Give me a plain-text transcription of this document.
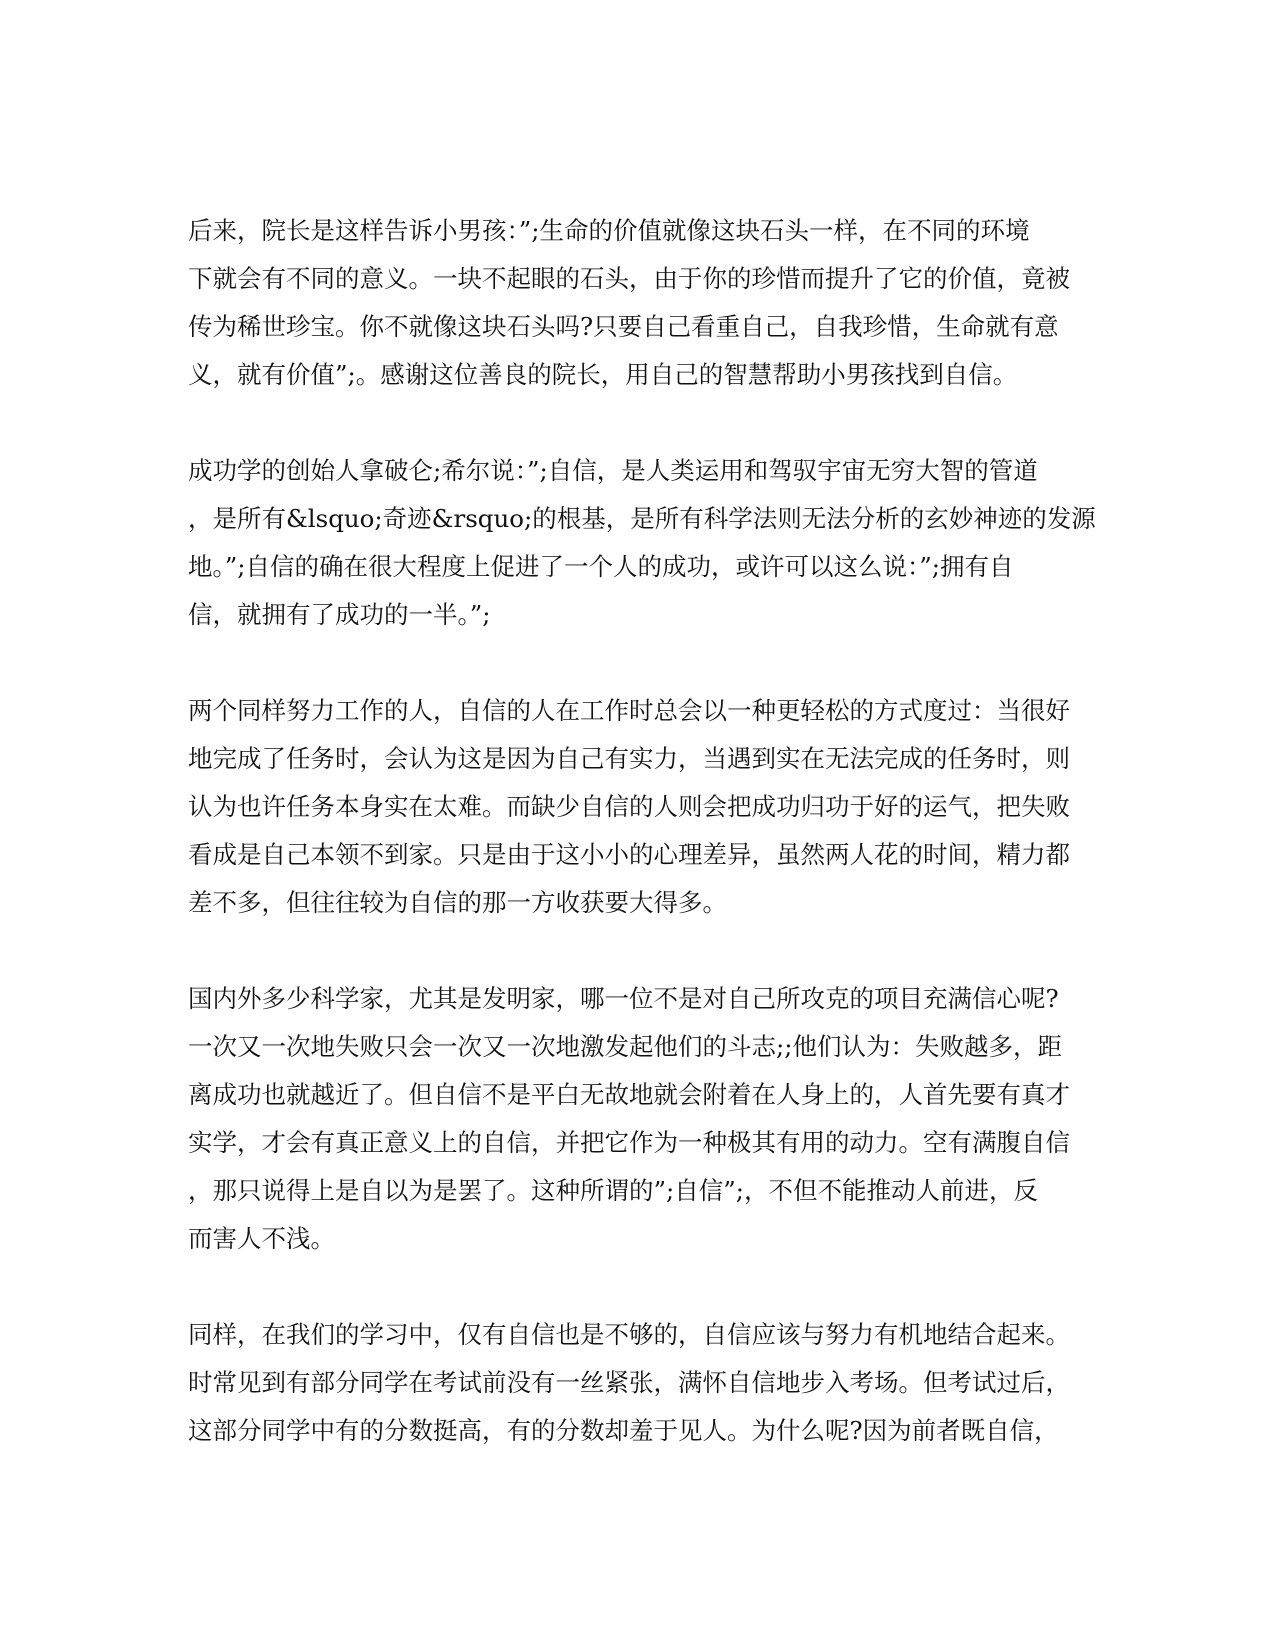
后来，院长是这样告诉小男孩：”;生命的价值就像这块石头一样，在不同的环境
下就会有不同的意义。一块不起眼的石头，由于你的珍惜而提升了它的价值，竟被
传为稀世珍宝。你不就像这块石头吗?只要自己看重自己，自我珍惜，生命就有意
义，就有价值”;。感谢这位善良的院长，用自己的智慧帮助小男孩找到自信。
成功学的创始人拿破仑;希尔说：”;自信，是人类运用和驾驭宇宙无穷大智的管道
，是所有&lsquo;奇迹&rsquo;的根基，是所有科学法则无法分析的玄妙神迹的发源
地。”;自信的确在很大程度上促进了一个人的成功，或许可以这么说：”;拥有自
信，就拥有了成功的一半。”;
两个同样努力工作的人，自信的人在工作时总会以一种更轻松的方式度过：当很好
地完成了任务时，会认为这是因为自己有实力，当遇到实在无法完成的任务时，则
认为也许任务本身实在太难。而缺少自信的人则会把成功归功于好的运气，把失败
看成是自己本领不到家。只是由于这小小的心理差异，虽然两人花的时间，精力都
差不多，但往往较为自信的那一方收获要大得多。
国内外多少科学家，尤其是发明家，哪一位不是对自己所攻克的项目充满信心呢?
一次又一次地失败只会一次又一次地激发起他们的斗志;;他们认为：失败越多，距
离成功也就越近了。但自信不是平白无故地就会附着在人身上的，人首先要有真才
实学，才会有真正意义上的自信，并把它作为一种极其有用的动力。空有满腹自信
，那只说得上是自以为是罢了。这种所谓的”;自信”;，不但不能推动人前进，反
而害人不浅。
同样，在我们的学习中，仅有自信也是不够的，自信应该与努力有机地结合起来。
时常见到有部分同学在考试前没有一丝紧张，满怀自信地步入考场。但考试过后，
这部分同学中有的分数挺高，有的分数却羞于见人。为什么呢?因为前者既自信，
